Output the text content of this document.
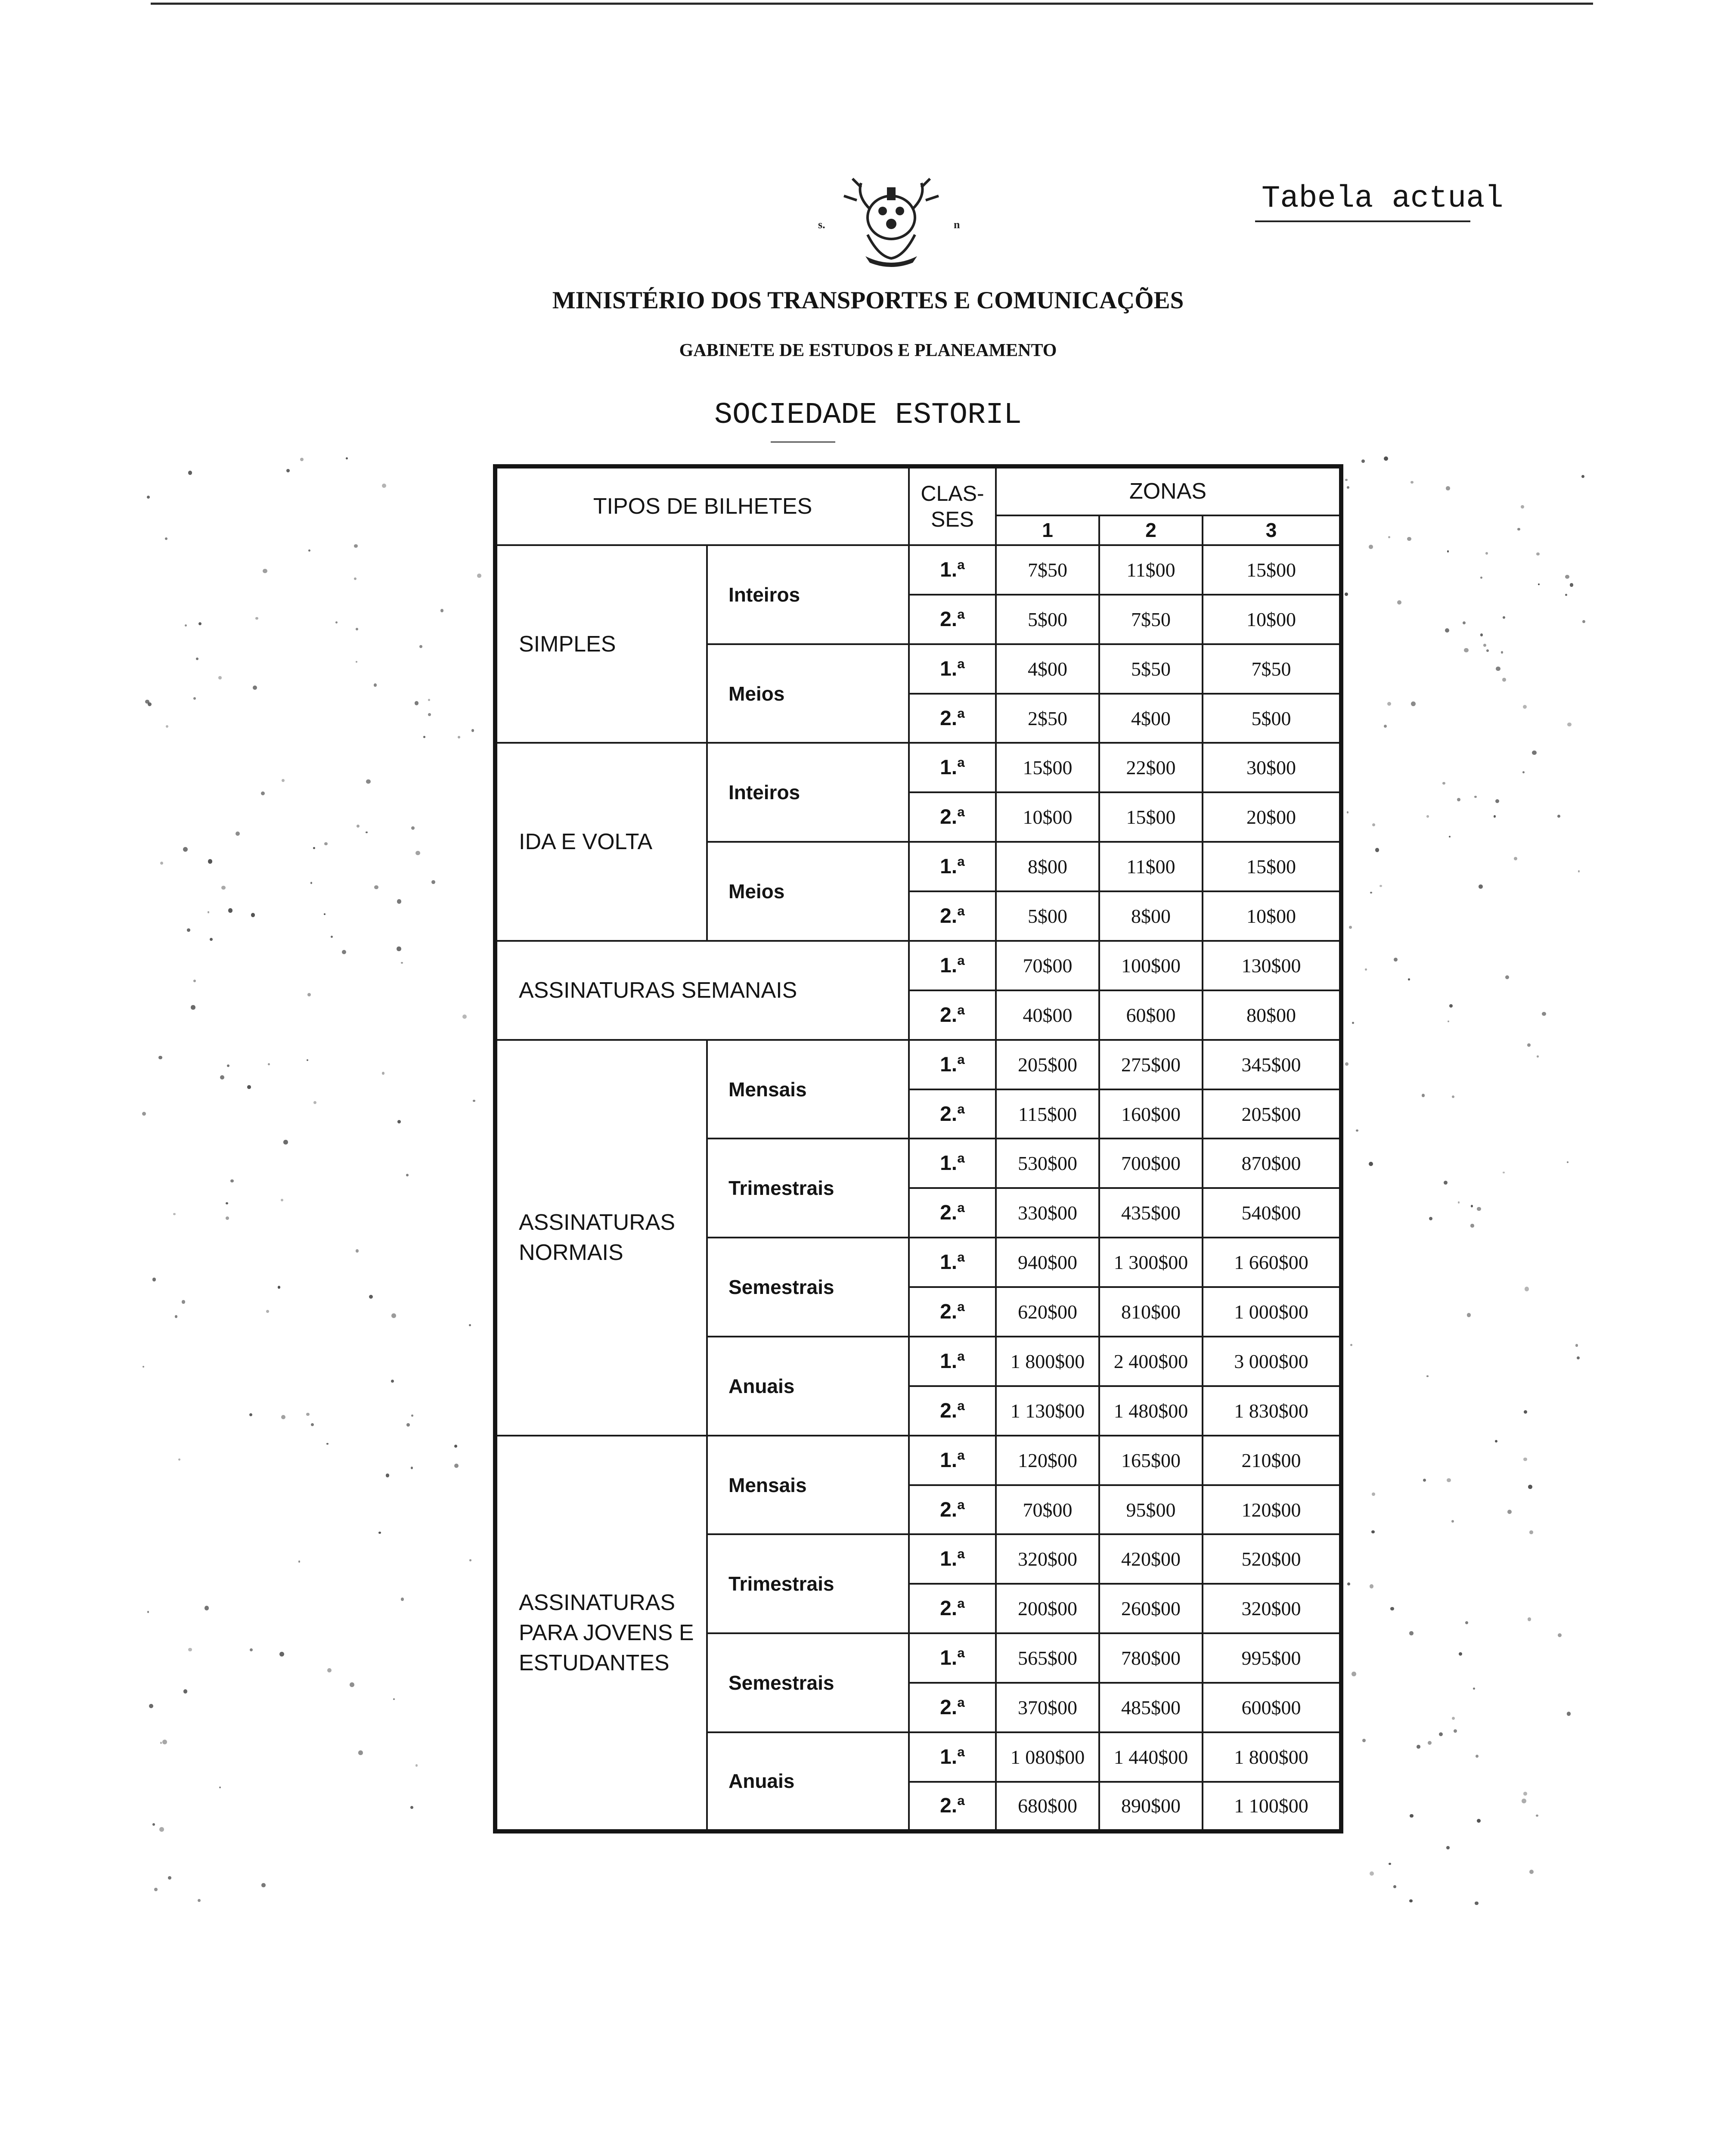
Tabela actual
s.	n
MINISTÉRIO DOS TRANSPORTES E COMUNICAÇÕES
GABINETE DE ESTUDOS E PLANEAMENTO
SOCIEDADE ESTORIL
TIPOS DE BILHETES		CLAS- SES	ZONAS		
			1	2	3
SIMPLES	Inteiros	1.ª	7$50	11$00	15$00
		2.ª	5$00	7$50	10$00
	Meios	1.ª	4$00	5$50	7$50
		2.ª	2$50	4$00	5$00
IDA E VOLTA	Inteiros	1.ª	15$00	22$00	30$00
		2.ª	10$00	15$00	20$00
	Meios	1.ª	8$00	11$00	15$00
		2.ª	5$00	8$00	10$00
ASSINATURAS SEMANAIS		1.ª	70$00	100$00	130$00
		2.ª	40$00	60$00	80$00
ASSINATURAS NORMAIS	Mensais	1.ª	205$00	275$00	345$00
		2.ª	115$00	160$00	205$00
	Trimestrais	1.ª	530$00	700$00	870$00
		2.ª	330$00	435$00	540$00
	Semestrais	1.ª	940$00	1 300$00	1 660$00
		2.ª	620$00	810$00	1 000$00
	Anuais	1.ª	1 800$00	2 400$00	3 000$00
		2.ª	1 130$00	1 480$00	1 830$00
ASSINATURAS PARA JOVENS E ESTUDANTES	Mensais	1.ª	120$00	165$00	210$00
		2.ª	70$00	95$00	120$00
	Trimestrais	1.ª	320$00	420$00	520$00
		2.ª	200$00	260$00	320$00
	Semestrais	1.ª	565$00	780$00	995$00
		2.ª	370$00	485$00	600$00
	Anuais	1.ª	1 080$00	1 440$00	1 800$00
		2.ª	680$00	890$00	1 100$00
